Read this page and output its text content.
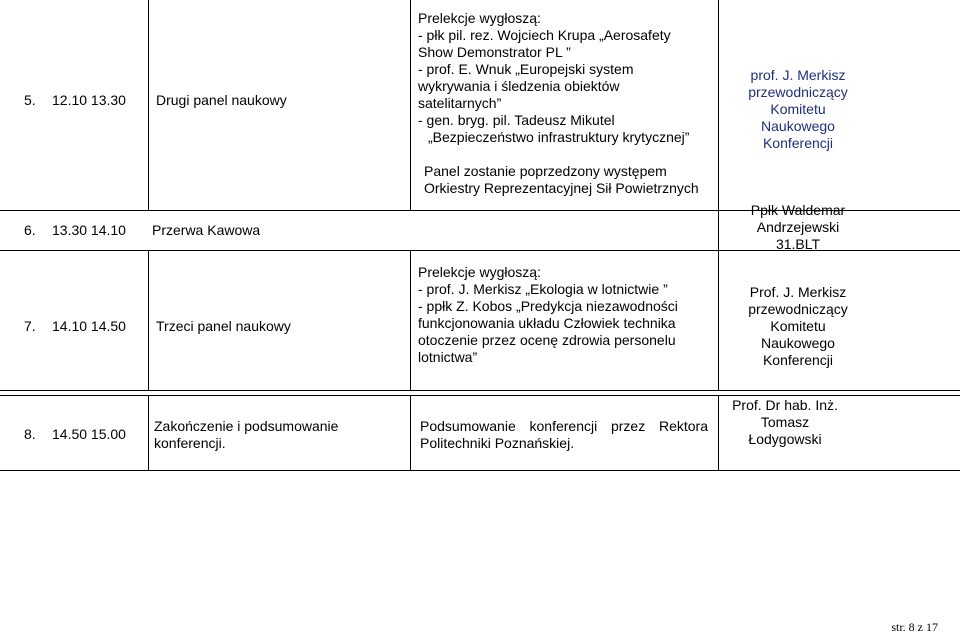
5. 12.10 13.30 Drugi panel naukowy
Prelekcje wygłoszą:
- płk pil. rez. Wojciech Krupa „Aerosafety
Show Demonstrator PL ”
- prof. E. Wnuk „Europejski system
wykrywania i śledzenia obiektów
satelitarnych”
- gen. bryg. pil. Tadeusz Mikutel
„Bezpieczeństwo infrastruktury krytycznej”
Panel zostanie poprzedzony występem
Orkiestry Reprezentacyjnej Sił Powietrznych
prof. J. Merkisz
przewodniczący
Komitetu
Naukowego
Konferencji
6. 13.30 14.10 Przerwa Kawowa
Ppłk Waldemar
Andrzejewski
31.BLT
7. 14.10 14.50 Trzeci panel naukowy
Prelekcje wygłoszą:
- prof. J. Merkisz „Ekologia w lotnictwie ”
- ppłk Z. Kobos „Predykcja niezawodności
funkcjonowania układu Człowiek technika
otoczenie przez ocenę zdrowia personelu
lotnictwa”
Prof. J. Merkisz
przewodniczący
Komitetu
Naukowego
Konferencji
8. 14.50 15.00 Zakończenie i podsumowanie
konferencji.
Podsumowanie konferencji przez Rektora
Politechniki Poznańskiej.
Prof. Dr hab. Inż.
Tomasz
Łodygowski
str. 8 z 17
